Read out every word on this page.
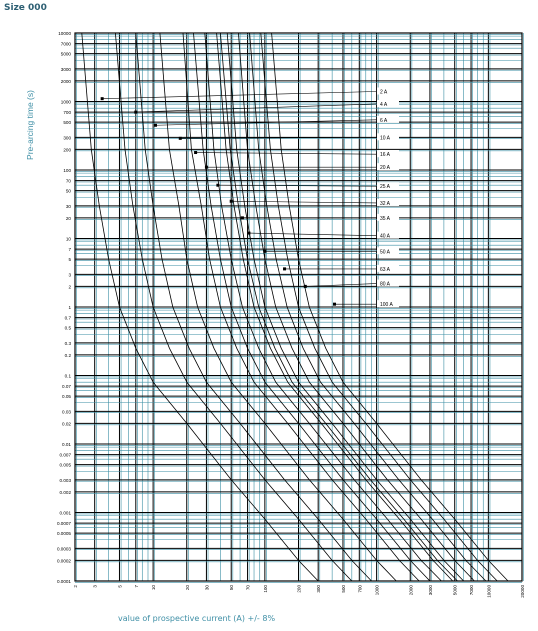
Size 000
Pre-arcing time (s)
value of prospective current (A) +/- 8%
10000
7000
5000
3000
2000
1000
700
500
300
200
100
70
50
30
20
10
7
5
3
2
1
0.7
0.5
0.3
0.2
0.1
0.07
0.05
0.03
0.02
0.01
0.007
0.005
0.003
0.002
0.001
0.0007
0.0005
0.0003
0.0002
0.0001
2	3	5 7	10	20	30	50 70	100	200	300	500 700	1000	2000	3000	5000 7000	10000	20000
2 A
4 A
6 A
10 A
16 A
20 A
25 A
32 A
35 A
40 A
50 A
63 A
80 A
100 A
